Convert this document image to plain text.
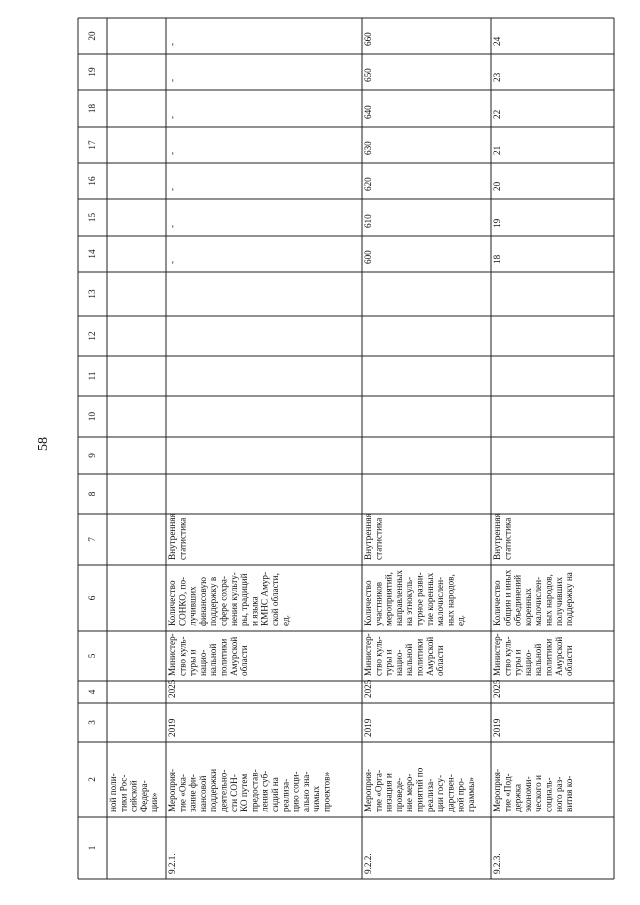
58
1
2
3
4
5
6
7
8
9
10
11
12
13
14
15
16
17
18
19
20
ной поли-тики Рос-сийскойФедера-ции»
9.2.1.
Мероприя-тие «Ока-зание фи-нансовойподдержкидеятельно-сти СОН-КО путемпредостав-ления суб-сидий нареализа-цию соци-ально зна-чимыхпроектов»
2019
2025
Министер-ство куль-туры инацио-нальнойполитикиАмурскойобласти
КоличествоСОНКО, по-лучившихфинансовуюподдержку всфере сохра-нения культу-ры, традицийи языкаКМНС Амур-ской области,ед.
Внутренняястатистика
-
-
-
-
-
-
-
9.2.2.
Мероприя-тие «Орга-низация ипроведе-ние меро-приятий пореализа-ции госу-дарствен-ной про-граммы»
2019
2025
Министер-ство куль-туры инацио-нальнойполитикиАмурскойобласти
Количествоучастниковмероприятий,направленныхна этнокуль-турное разви-тие коренныхмалочислен-ных народов,ед.
Внутренняястатистика
600
610
620
630
640
650
660
9.2.3.
Мероприя-тие «Под-держкаэкономи-ческого исоциаль-ного раз-вития ко-
2019
2025
Министер-ство куль-туры инацио-нальнойполитикиАмурскойобласти
Количествообщин и иныхобъединенийкоренныхмалочислен-ных народов,получившихподдержку на
Внутренняястатистика
18
19
20
21
22
23
24
